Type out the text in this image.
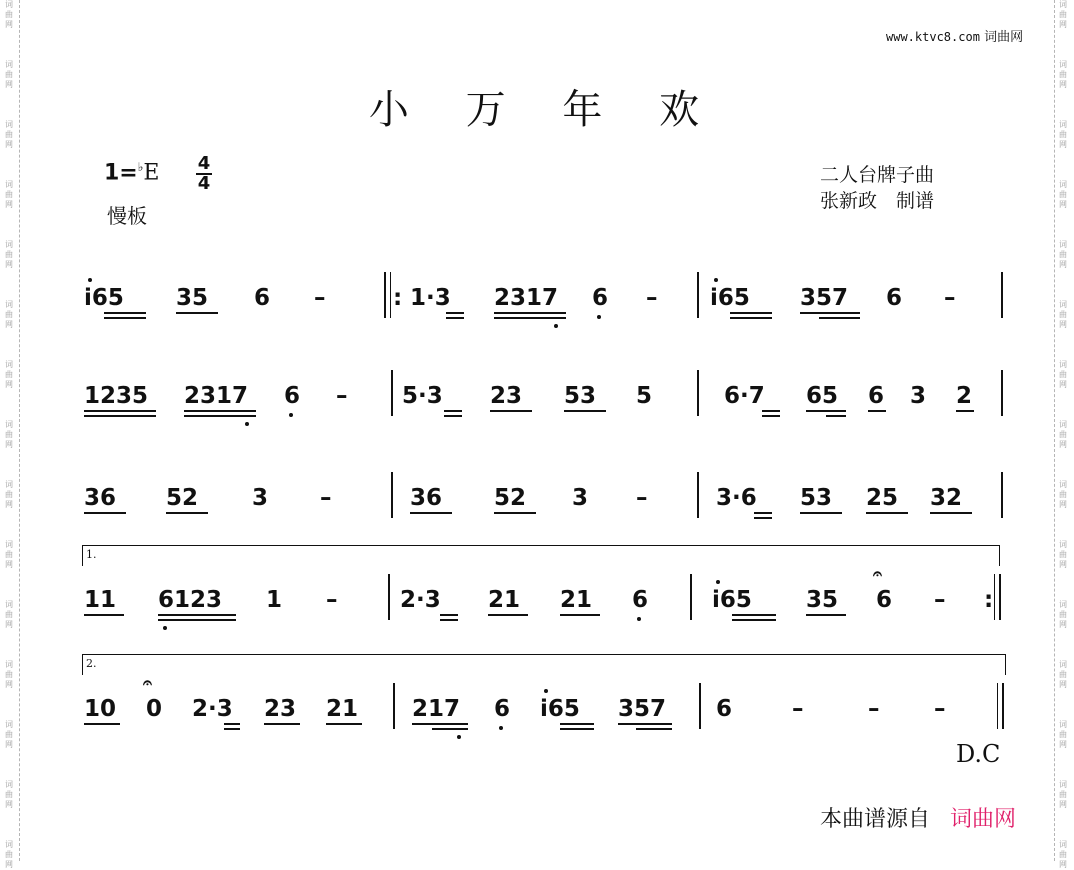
词
曲
网
词
曲
网
词
曲
网
词
曲
网
词
曲
网
词
曲
网
词
曲
网
词
曲
网
词
曲
网
词
曲
网
词
曲
网
词
曲
网
词
曲
网
词
曲
网
词
曲
网
词
曲
网
词
曲
网
词
曲
网
词
曲
网
词
曲
网
词
曲
网
词
曲
网
词
曲
网
词
曲
网
词
曲
网
词
曲
网
词
曲
网
词
曲
网
词
曲
网
词
曲
网
www.ktvc8.com 词曲网
小 万 年 欢
$1=^♭E \frac{4}{4}$
慢板
二人台牌子曲
张新政　制谱
i65 35 6 –	: 1·3 2317 6 – i65 357 6 –
1235 2317 6 – 5·3 23 53 5	6·7 65 6 3 2
36 52 3 –	36 52 3 –	3·6 53 25 32
1.
11 6123 1 –	2·3 21 21 6	i65 35
𝄐
6 – :
2.
10
𝄐
0 2·3 23 21 217 6 i65 357 6	–	– –
D.C
本曲谱源自 词曲网
